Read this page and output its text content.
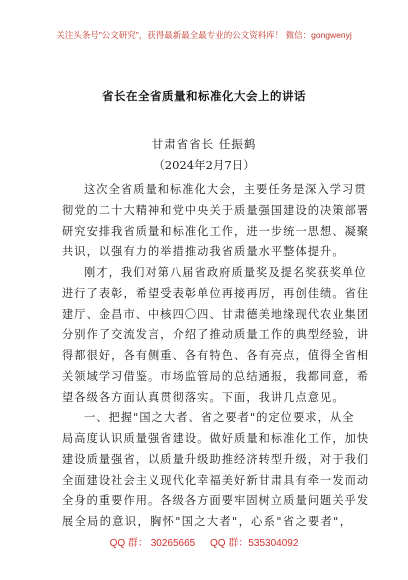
关注头条号"公文研究"，获得最新最全最专业的公文资料库！ 微信：gongwenyj
省长在全省质量和标准化大会上的讲话
甘肃省省长 任振鹤
（2024年2月7日）
这次全省质量和标准化大会，主要任务是深入学习贯
彻党的二十大精神和党中央关于质量强国建设的决策部署
研究安排我省质量和标准化工作，进一步统一思想、凝聚
共识，以强有力的举措推动我省质量水平整体提升。
刚才，我们对第八届省政府质量奖及提名奖获奖单位
进行了表彰，希望受表彰单位再接再厉，再创佳绩。省住
建厅、金昌市、中核四〇四、甘肃德美地缘现代农业集团
分别作了交流发言，介绍了推动质量工作的典型经验，讲
得都很好，各有侧重、各有特色、各有亮点，值得全省相
关领域学习借鉴。市场监管局的总结通报，我都同意，希
望各级各方面认真贯彻落实。下面，我讲几点意见。
一、把握"国之大者、省之要者"的定位要求，从全
局高度认识质量强省建设。做好质量和标准化工作，加快
建设质量强省，以质量升级助推经济转型升级，对于我们
全面建设社会主义现代化幸福美好新甘肃具有牵一发而动
全身的重要作用。各级各方面要牢固树立质量问题关乎发
展全局的意识，胸怀"国之大者"，心系"省之要者"，
QQ 群： 30265665 QQ 群：535304092
